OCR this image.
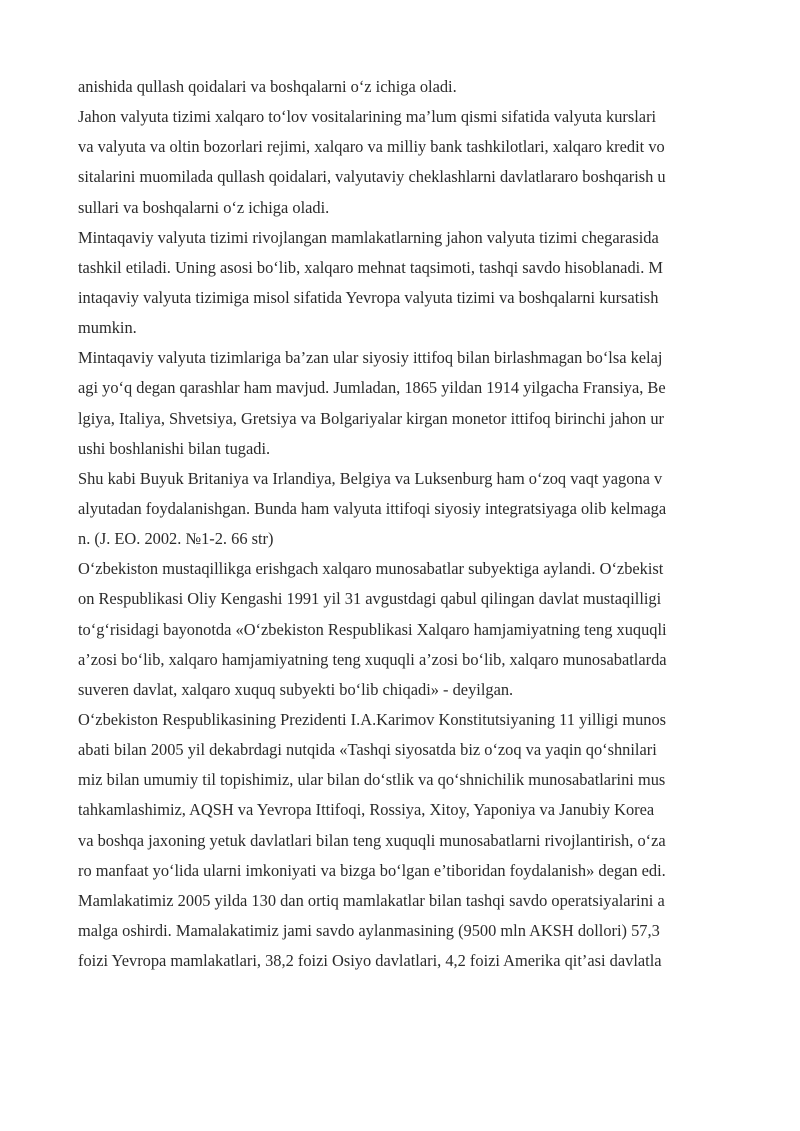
anishida qullash qoidalari va boshqalarni o‘z ichiga oladi.
Jahon valyuta tizimi xalqaro to‘lov vositalarining ma’lum qismi sifatida valyuta kurslari
va valyuta va oltin bozorlari rejimi, xalqaro va milliy bank tashkilotlari, xalqaro kredit vo
sitalarini muomilada qullash qoidalari, valyutaviy cheklashlarni davlatlararo boshqarish u
sullari va boshqalarni o‘z ichiga oladi.
Mintaqaviy valyuta tizimi rivojlangan mamlakatlarning jahon valyuta tizimi chegarasida
tashkil etiladi. Uning asosi bo‘lib, xalqaro mehnat taqsimoti, tashqi savdo hisoblanadi. M
intaqaviy valyuta tizimiga misol sifatida Yevropa valyuta tizimi va boshqalarni kursatish
mumkin.
Mintaqaviy valyuta tizimlariga ba’zan ular siyosiy ittifoq bilan birlashmagan bo‘lsa kelaj
agi yo‘q degan qarashlar ham mavjud. Jumladan, 1865 yildan 1914 yilgacha Fransiya, Be
lgiya, Italiya, Shvetsiya, Gretsiya va Bolgariyalar kirgan monetor ittifoq birinchi jahon ur
ushi boshlanishi bilan tugadi.
Shu kabi Buyuk Britaniya va Irlandiya, Belgiya va Luksenburg ham o‘zoq vaqt yagona v
alyutadan foydalanishgan. Bunda ham valyuta ittifoqi siyosiy integratsiyaga olib kelmaga
n. (J. EO. 2002. №1-2. 66 str)
O‘zbekiston mustaqillikga erishgach xalqaro munosabatlar subyektiga aylandi. O‘zbekist
on Respublikasi Oliy Kengashi 1991 yil 31 avgustdagi qabul qilingan davlat mustaqilligi
to‘g‘risidagi bayonotda «O‘zbekiston Respublikasi Xalqaro hamjamiyatning teng xuquqli
a’zosi bo‘lib, xalqaro hamjamiyatning teng xuquqli a’zosi bo‘lib, xalqaro munosabatlarda
suveren davlat, xalqaro xuquq subyekti bo‘lib chiqadi» - deyilgan.
O‘zbekiston Respublikasining Prezidenti I.A.Karimov Konstitutsiyaning 11 yilligi munos
abati bilan 2005 yil dekabrdagi nutqida «Tashqi siyosatda biz o‘zoq va yaqin qo‘shnilari
miz bilan umumiy til topishimiz, ular bilan do‘stlik va qo‘shnichilik munosabatlarini mus
tahkamlashimiz, AQSH va Yevropa Ittifoqi, Rossiya, Xitoy, Yaponiya va Janubiy Korea
va boshqa jaxoning yetuk davlatlari bilan teng xuquqli munosabatlarni rivojlantirish, o‘za
ro manfaat yo‘lida ularni imkoniyati va bizga bo‘lgan e’tiboridan foydalanish» degan edi.
Mamlakatimiz 2005 yilda 130 dan ortiq mamlakatlar bilan tashqi savdo operatsiyalarini a
malga oshirdi. Mamalakatimiz jami savdo aylanmasining (9500 mln AKSH dollori) 57,3
foizi Yevropa mamlakatlari, 38,2 foizi Osiyo davlatlari, 4,2 foizi Amerika qit’asi davlatla
